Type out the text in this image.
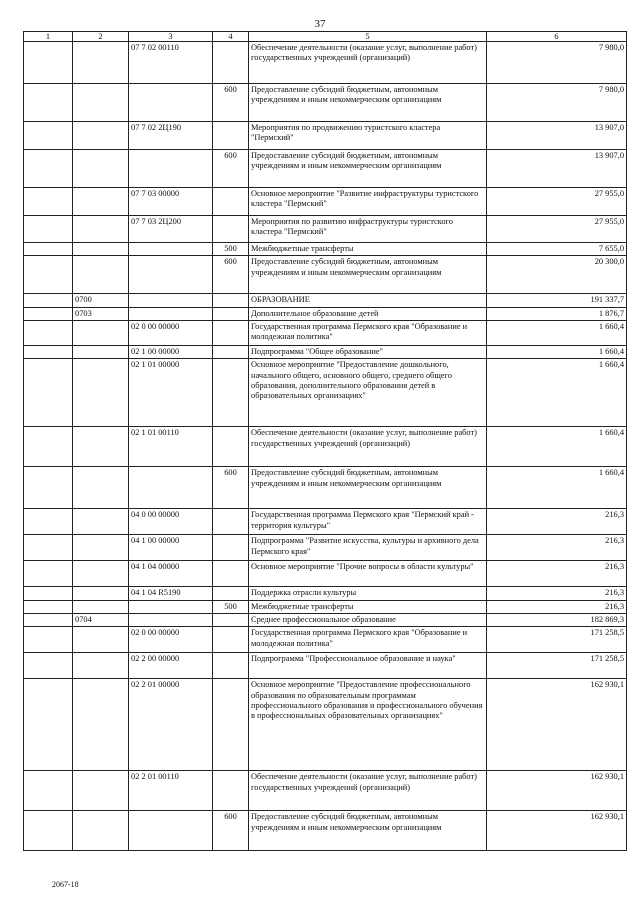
37
1	2	3	4	5	6
		07 7 02 00110		Обеспечение деятельности (оказание услуг, выполнение работ) государственных учреждений (организаций)	7 980,0
			600	Предоставление субсидий бюджетным, автономным учреждениям и иным некоммерческим организациям	7 980,0
		07 7 02 2Ц190		Мероприятия по продвижению туристского кластера "Пермский"	13 907,0
			600	Предоставление субсидий бюджетным, автономным учреждениям и иным некоммерческим организациям	13 907,0
		07 7 03 00000		Основное мероприятие "Развитие инфраструктуры туристского кластера "Пермский"	27 955,0
		07 7 03 2Ц200		Мероприятия по развитию инфраструктуры туристского кластера "Пермский"	27 955,0
			500	Межбюджетные трансферты	7 655,0
			600	Предоставление субсидий бюджетным, автономным учреждениям и иным некоммерческим организациям	20 300,0
	0700			ОБРАЗОВАНИЕ	191 337,7
	0703			Дополнительное образование детей	1 876,7
		02 0 00 00000		Государственная программа Пермского края "Образование и молодежная политика"	1 660,4
		02 1 00 00000		Подпрограмма "Общее образование"	1 660,4
		02 1 01 00000		Основное мероприятие "Предоставление дошкольного, начального общего, основного общего, среднего общего образования, дополнительного образования детей в образовательных организациях"	1 660,4
		02 1 01 00110		Обеспечение деятельности (оказание услуг, выполнение работ) государственных учреждений (организаций)	1 660,4
			600	Предоставление субсидий бюджетным, автономным учреждениям и иным некоммерческим организациям	1 660,4
		04 0 00 00000		Государственная программа Пермского края "Пермский край - территория культуры"	216,3
		04 1 00 00000		Подпрограмма "Развитие искусства, культуры и архивного дела Пермского края"	216,3
		04 1 04 00000		Основное мероприятие "Прочие вопросы в области культуры"	216,3
		04 1 04 R5190		Поддержка отрасли культуры	216,3
			500	Межбюджетные трансферты	216,3
	0704			Среднее профессиональное образование	182 869,3
		02 0 00 00000		Государственная программа Пермского края "Образование и молодежная политика"	171 258,5
		02 2 00 00000		Подпрограмма "Профессиональное образование и наука"	171 258,5
		02 2 01 00000		Основное мероприятие "Предоставление профессионального образования по образовательным программам профессионального образования и профессионального обучения в профессиональных образовательных организациях"	162 930,1
		02 2 01 00110		Обеспечение деятельности (оказание услуг, выполнение работ) государственных учреждений (организаций)	162 930,1
			600	Предоставление субсидий бюджетным, автономным учреждениям и иным некоммерческим организациям	162 930,1
2067-18
